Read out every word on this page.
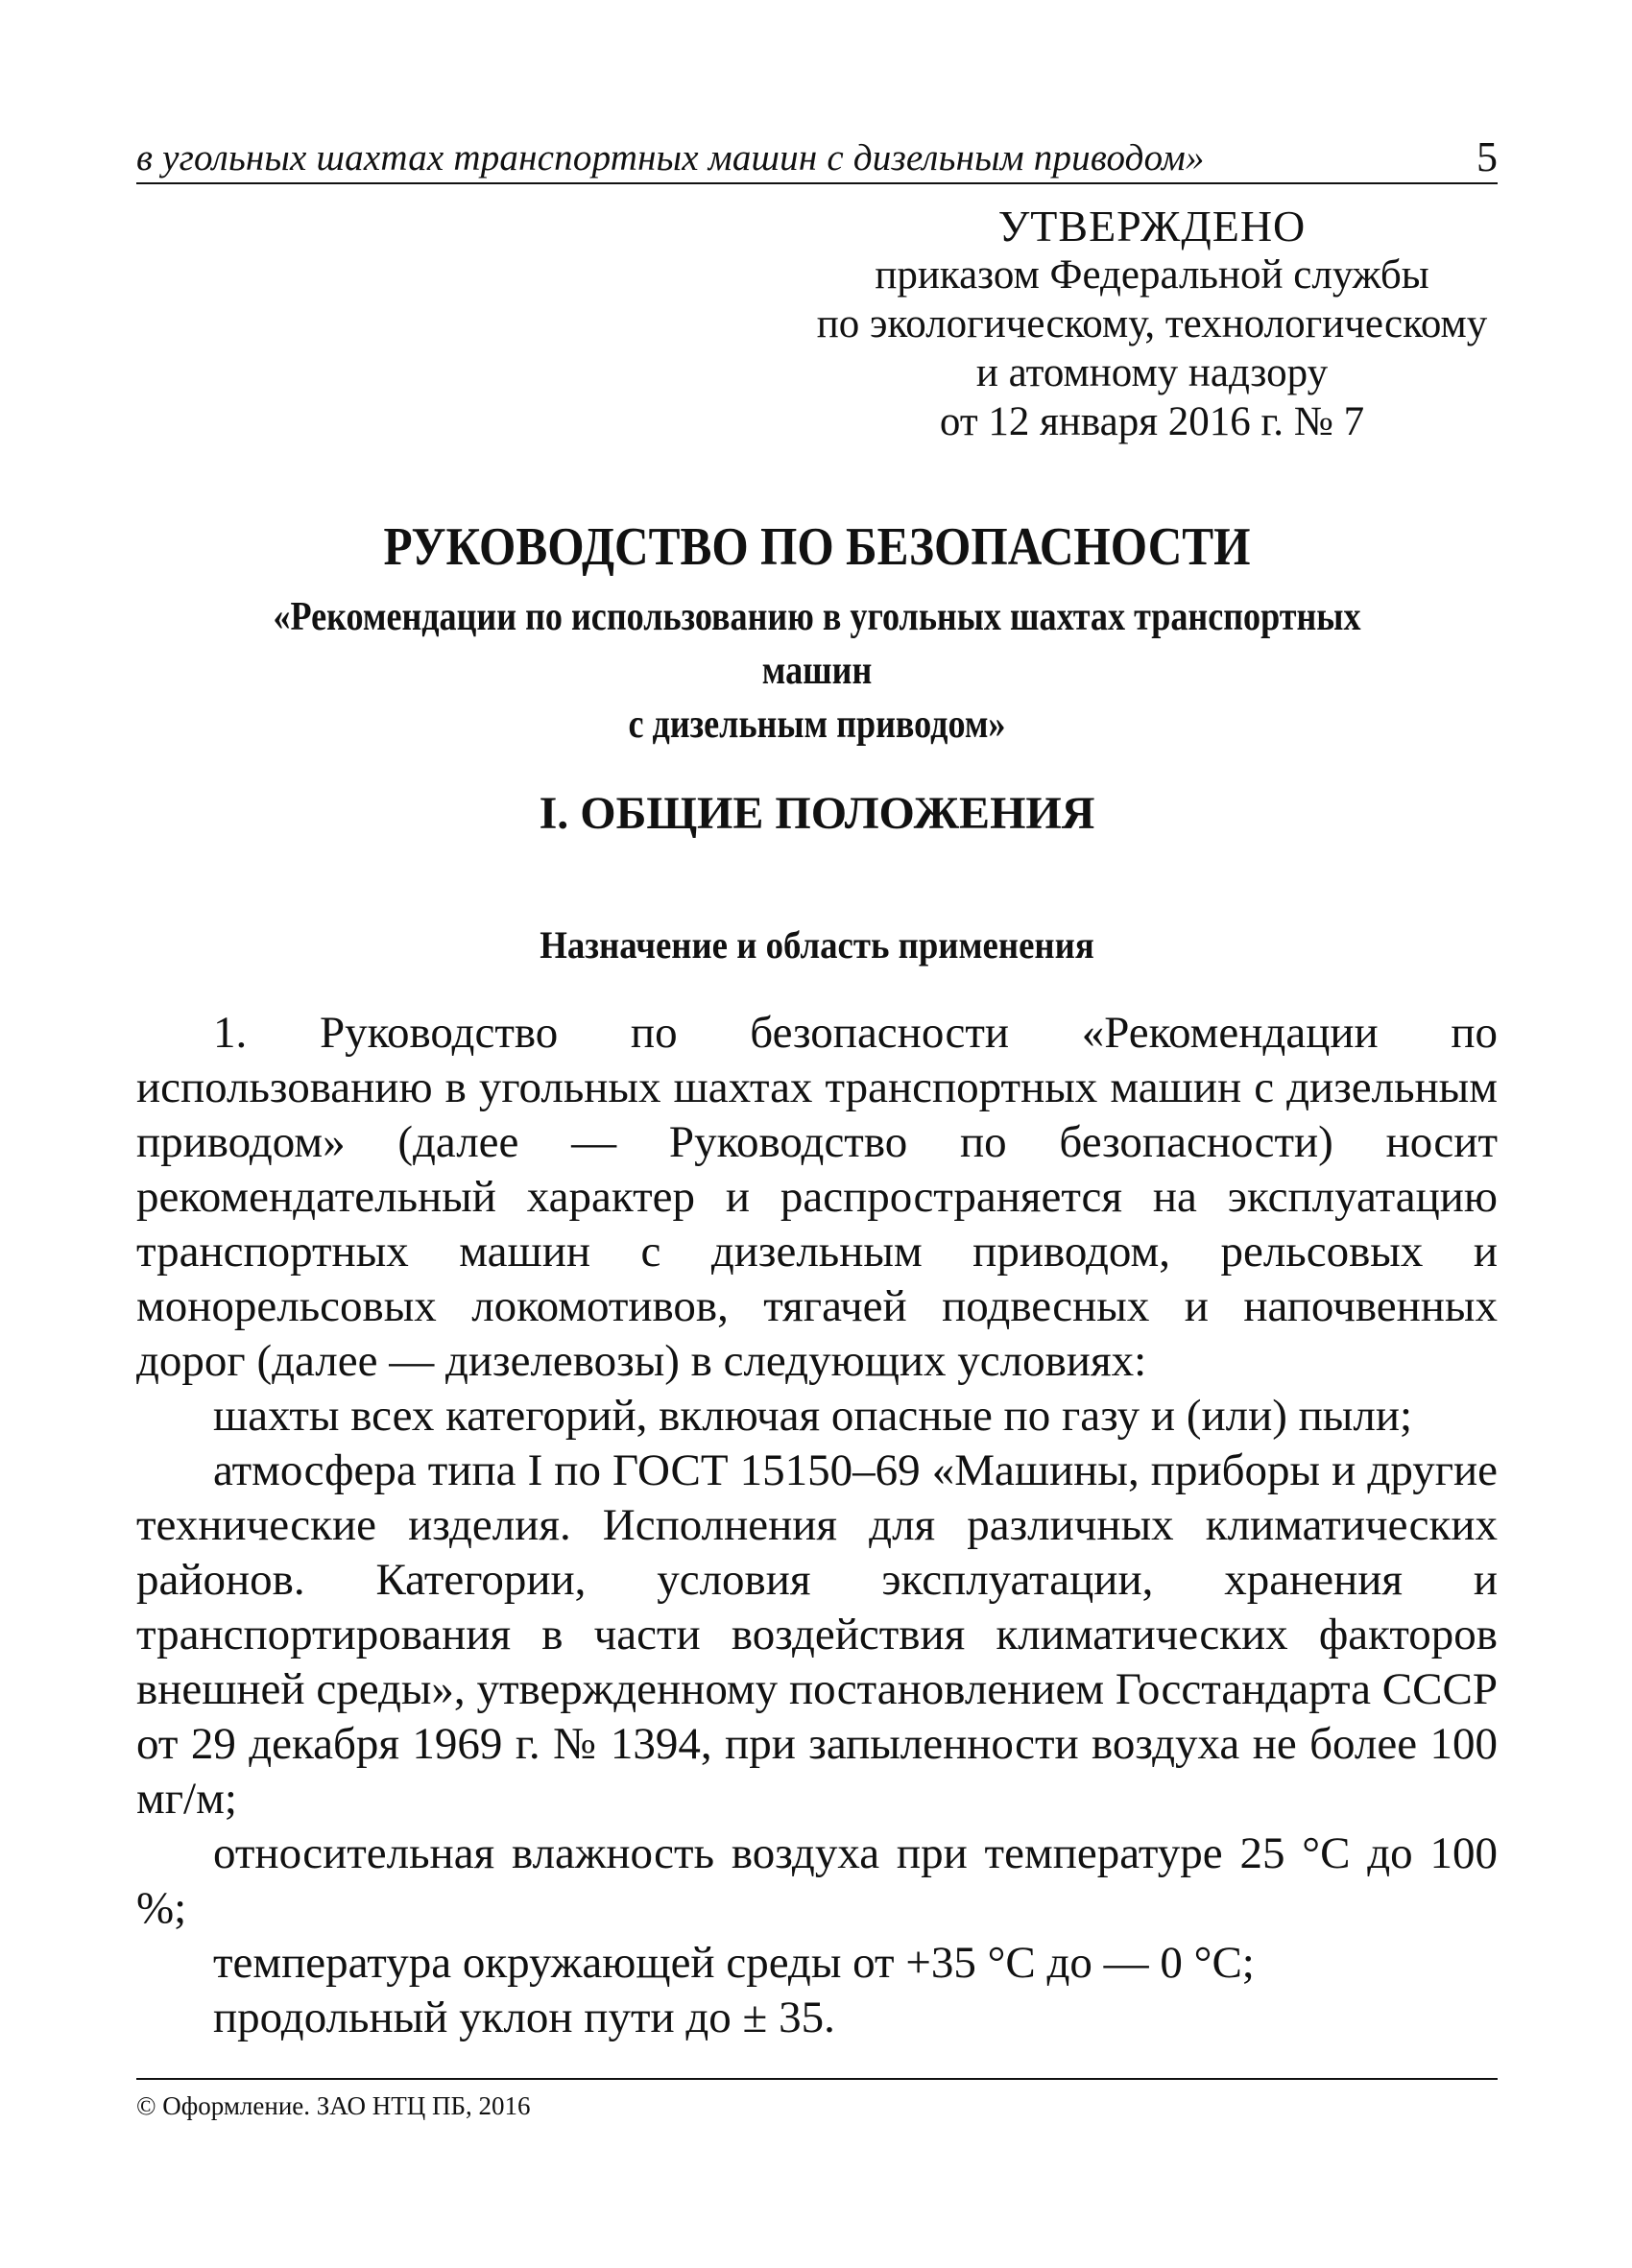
в угольных шахтах транспортных машин с дизельным приводом»	5
УТВЕРЖДЕНО
приказом Федеральной службы
по экологическому, технологическому
и атомному надзору
от 12 января 2016 г. № 7
РУКОВОДСТВО ПО БЕЗОПАСНОСТИ
«Рекомендации по использованию в угольных шахтах транспортных машин
с дизельным приводом»
I. ОБЩИЕ ПОЛОЖЕНИЯ
Назначение и область применения

1. Руководство по безопасности «Рекомендации по использованию в угольных шахтах транспортных машин с дизельным приводом» (далее — Руководство по безопасности) носит рекомендательный характер и распространяется на эксплуатацию транспортных машин с дизельным приводом, рельсовых и монорельсовых локомотивов, тягачей подвесных и напочвенных дорог (далее — дизелевозы) в следующих условиях:

шахты всех категорий, включая опасные по газу и (или) пыли;

атмосфера типа I по ГОСТ 15150–69 «Машины, приборы и другие технические изделия. Исполнения для различных климатических районов. Категории, условия эксплуатации, хранения и транспортирования в части воздействия климатических факторов внешней среды», утвержденному постановлением Госстандарта СССР от 29 декабря 1969 г. № 1394, при запыленности воздуха не более 100 мг/м;

относительная влажность воздуха при температуре 25 °С до 100 %;

температура окружающей среды от +35 °С до — 0 °С;

продольный уклон пути до ± 35.

© Оформление. ЗАО НТЦ ПБ, 2016
